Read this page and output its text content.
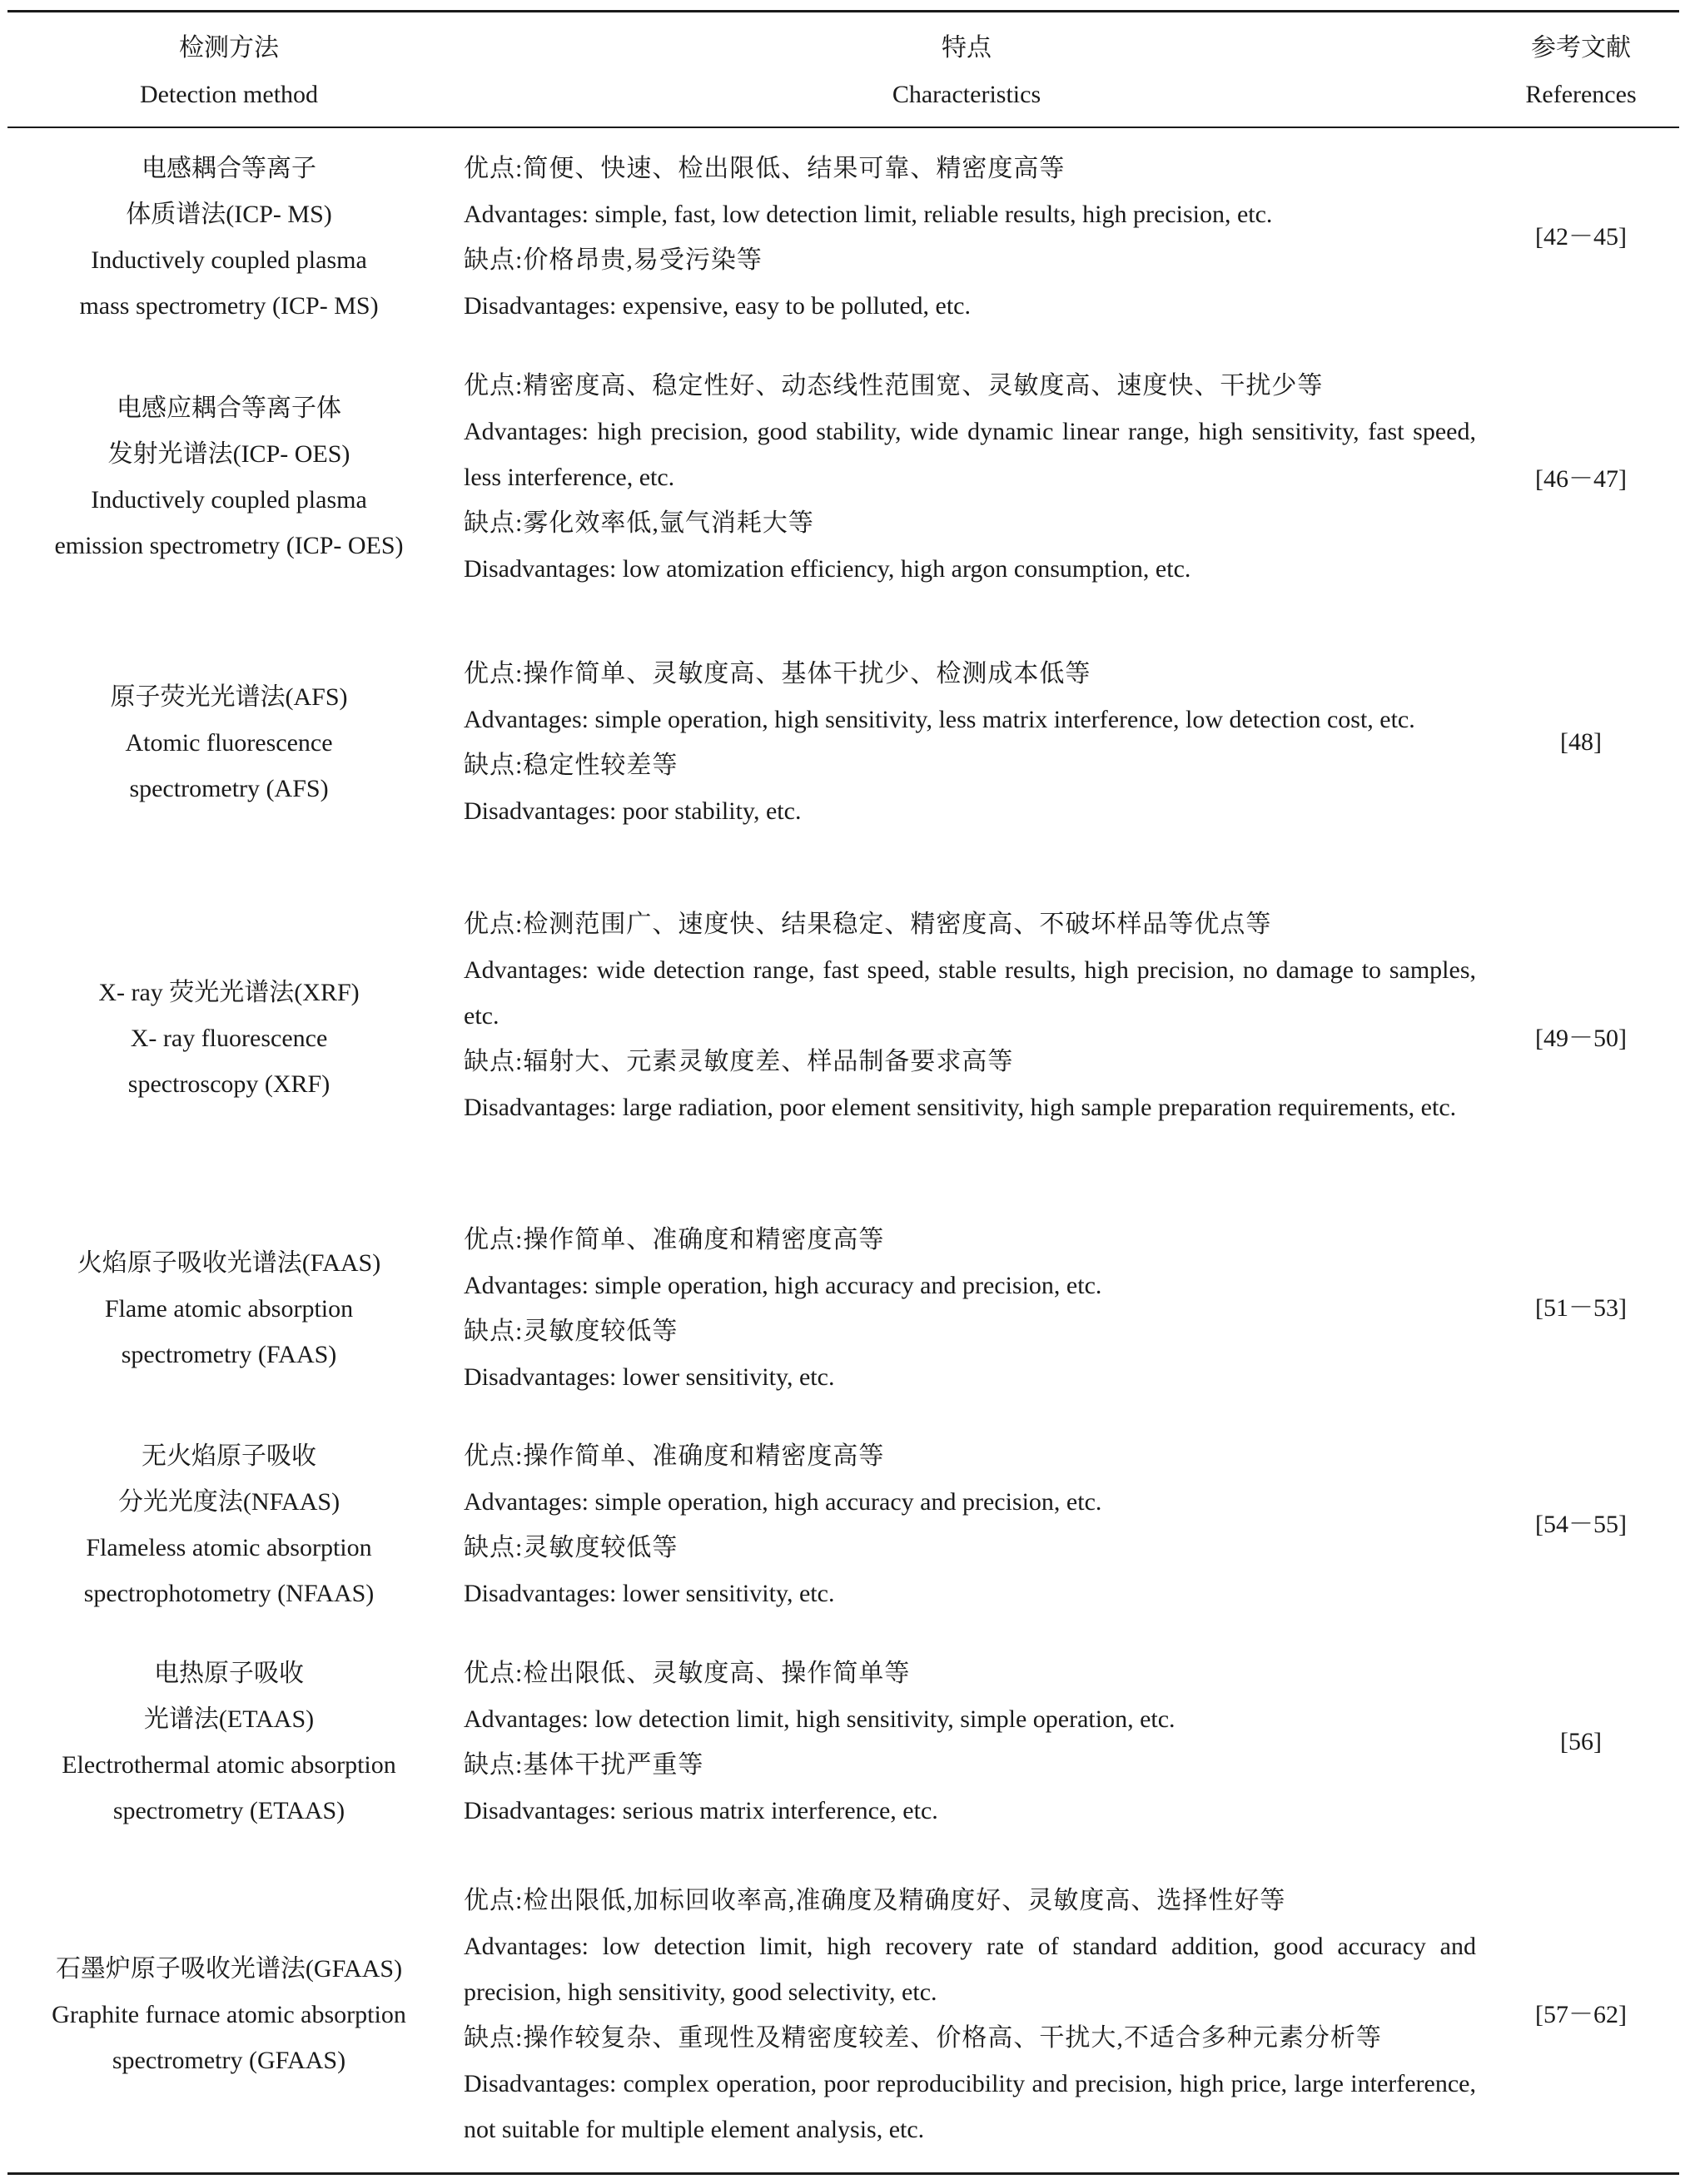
检测方法
Detection method
特点
Characteristics
参考文献
References
电感耦合等离子
体质谱法(ICP- MS)
Inductively coupled plasma
mass spectrometry (ICP- MS)
优点:简便、快速、检出限低、结果可靠、精密度高等
Advantages: simple, fast, low detection limit, reliable results, high precision, etc.
缺点:价格昂贵,易受污染等
Disadvantages: expensive, easy to be polluted, etc.
[42－45]
电感应耦合等离子体
发射光谱法(ICP- OES)
Inductively coupled plasma
emission spectrometry (ICP- OES)
优点:精密度高、稳定性好、动态线性范围宽、灵敏度高、速度快、干扰少等
Advantages: high precision, good stability, wide dynamic linear range, high sensitivity, fast speed, less interference, etc.
缺点:雾化效率低,氩气消耗大等
Disadvantages: low atomization efficiency, high argon consumption, etc.
[46－47]
原子荧光光谱法(AFS)
Atomic fluorescence
spectrometry (AFS)
优点:操作简单、灵敏度高、基体干扰少、检测成本低等
Advantages: simple operation, high sensitivity, less matrix interference, low detection cost, etc.
缺点:稳定性较差等
Disadvantages: poor stability, etc.
[48]
X- ray 荧光光谱法(XRF)
X- ray fluorescence
spectroscopy (XRF)
优点:检测范围广、速度快、结果稳定、精密度高、不破坏样品等优点等
Advantages: wide detection range, fast speed, stable results, high precision, no damage to samples, etc.
缺点:辐射大、元素灵敏度差、样品制备要求高等
Disadvantages: large radiation, poor element sensitivity, high sample preparation requirements, etc.
[49－50]
火焰原子吸收光谱法(FAAS)
Flame atomic absorption
spectrometry (FAAS)
优点:操作简单、准确度和精密度高等
Advantages: simple operation, high accuracy and precision, etc.
缺点:灵敏度较低等
Disadvantages: lower sensitivity, etc.
[51－53]
无火焰原子吸收
分光光度法(NFAAS)
Flameless atomic absorption
spectrophotometry (NFAAS)
优点:操作简单、准确度和精密度高等
Advantages: simple operation, high accuracy and precision, etc.
缺点:灵敏度较低等
Disadvantages: lower sensitivity, etc.
[54－55]
电热原子吸收
光谱法(ETAAS)
Electrothermal atomic absorption
spectrometry (ETAAS)
优点:检出限低、灵敏度高、操作简单等
Advantages: low detection limit, high sensitivity, simple operation, etc.
缺点:基体干扰严重等
Disadvantages: serious matrix interference, etc.
[56]
石墨炉原子吸收光谱法(GFAAS)
Graphite furnace atomic absorption
spectrometry (GFAAS)
优点:检出限低,加标回收率高,准确度及精确度好、灵敏度高、选择性好等
Advantages: low detection limit, high recovery rate of standard addition, good accuracy and precision, high sensitivity, good selectivity, etc.
缺点:操作较复杂、重现性及精密度较差、价格高、干扰大,不适合多种元素分析等
Disadvantages: complex operation, poor reproducibility and precision, high price, large interference, not suitable for multiple element analysis, etc.
[57－62]
